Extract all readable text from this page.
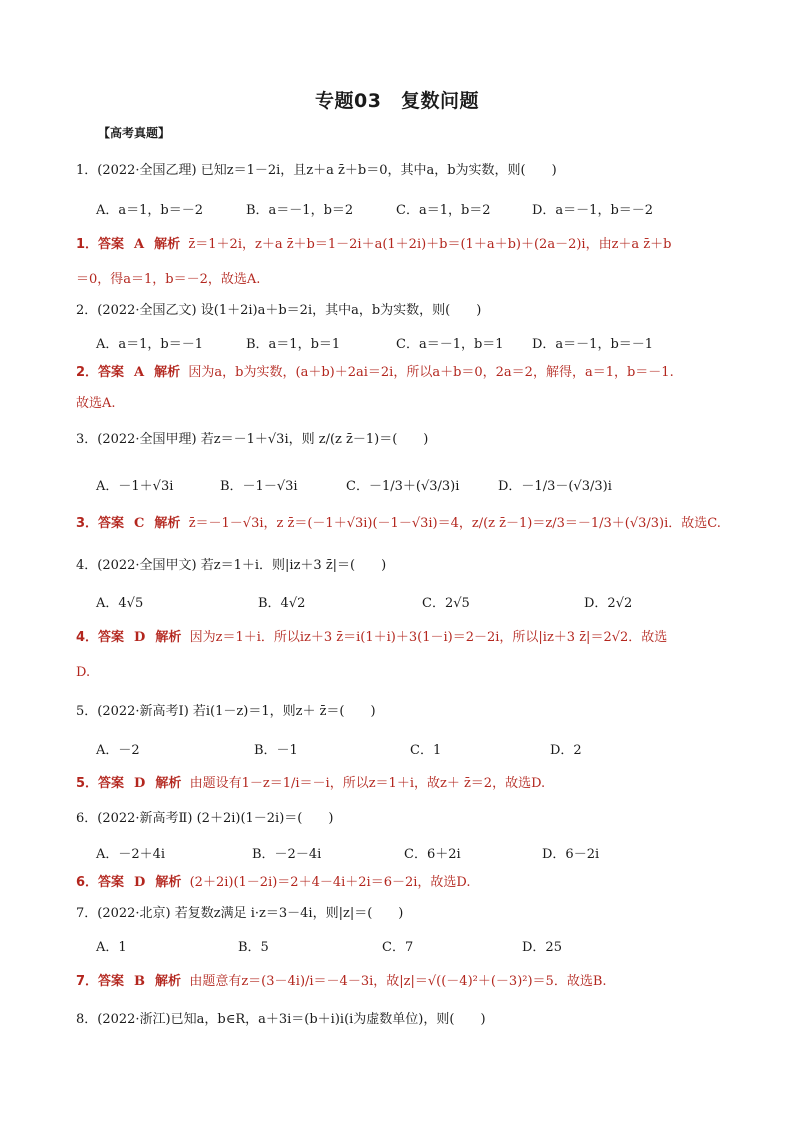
专题03　复数问题
【高考真题】
1．(2022·全国乙理) 已知z＝1－2i，且z＋a z̄＋b＝0，其中a，b为实数，则(　　)
A．a＝1，b＝－2	B．a＝－1，b＝2	C．a＝1，b＝2	D．a＝－1，b＝－2
1．答案 A 解析 z̄＝1＋2i，z＋a z̄＋b＝1－2i＋a(1＋2i)＋b＝(1＋a＋b)＋(2a－2)i，由z＋a z̄＋b
＝0，得a＝1，b＝－2，故选A.
2．(2022·全国乙文) 设(1＋2i)a＋b＝2i，其中a，b为实数，则(　　)
A．a＝1，b＝－1	B．a＝1，b＝1	C．a＝－1，b＝1 D．a＝－1，b＝－1
2．答案 A 解析 因为a，b为实数，(a＋b)＋2ai＝2i，所以a＋b＝0，2a＝2，解得，a＝1，b＝－1.
故选A.
3．(2022·全国甲理) 若z＝－1＋√3i，则 z/(z z̄－1)＝(　　)
A．－1＋√3i	B．－1－√3i	C．－1/3＋(√3/3)i	D．－1/3－(√3/3)i
3．答案 C 解析 z̄＝－1－√3i，z z̄＝(－1＋√3i)(－1－√3i)＝4，z/(z z̄－1)＝z/3＝－1/3＋(√3/3)i．故选C.
4．(2022·全国甲文) 若z＝1＋i．则|iz＋3 z̄|＝(　　)
A．4√5	B．4√2	C．2√5	D．2√2
4．答案 D 解析 因为z＝1＋i．所以iz＋3 z̄＝i(1＋i)＋3(1－i)＝2－2i，所以|iz＋3 z̄|＝2√2．故选
D.
5．(2022·新高考Ⅰ) 若i(1－z)＝1，则z＋ z̄＝(　　)
A．－2	B．－1	C．1	D．2
5．答案 D 解析 由题设有1－z＝1/i＝－i，所以z＝1＋i，故z＋ z̄＝2，故选D.
6．(2022·新高考Ⅱ) (2＋2i)(1－2i)＝(　　)
A．－2＋4i	B．－2－4i	C．6＋2i	D．6－2i
6．答案 D 解析 (2＋2i)(1－2i)＝2＋4－4i＋2i＝6－2i，故选D.
7．(2022·北京) 若复数z满足 i·z＝3－4i，则|z|＝(　　)
A．1	B．5	C．7	D．25
7．答案 B 解析 由题意有z＝(3－4i)/i＝－4－3i，故|z|＝√((－4)²＋(－3)²)＝5．故选B.
8．(2022·浙江)已知a，b∈R，a＋3i＝(b＋i)i(i为虚数单位)，则(　　)
